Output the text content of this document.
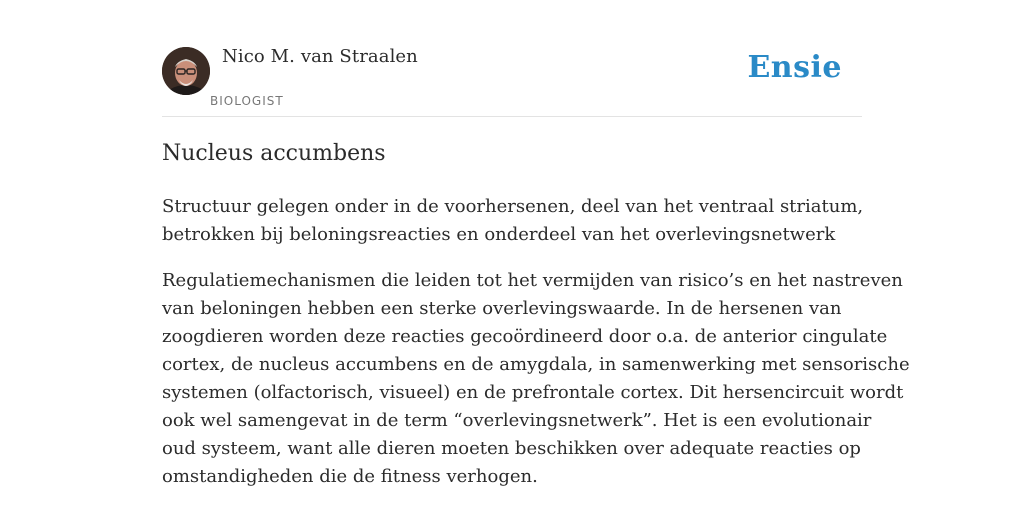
Nico M. van Straalen
BIOLOGIST
Ensie
Nucleus accumbens

Structuur gelegen onder in de voorhersenen, deel van het ventraal striatum,
betrokken bij beloningsreacties en onderdeel van het overlevingsnetwerk

Regulatiemechanismen die leiden tot het vermijden van risico’s en het nastreven
van beloningen hebben een sterke overlevingswaarde. In de hersenen van
zoogdieren worden deze reacties gecoördineerd door o.a. de anterior cingulate
cortex, de nucleus accumbens en de amygdala, in samenwerking met sensorische
systemen (olfactorisch, visueel) en de prefrontale cortex. Dit hersencircuit wordt
ook wel samengevat in de term “overlevingsnetwerk”. Het is een evolutionair
oud systeem, want alle dieren moeten beschikken over adequate reacties op
omstandigheden die de fitness verhogen.
